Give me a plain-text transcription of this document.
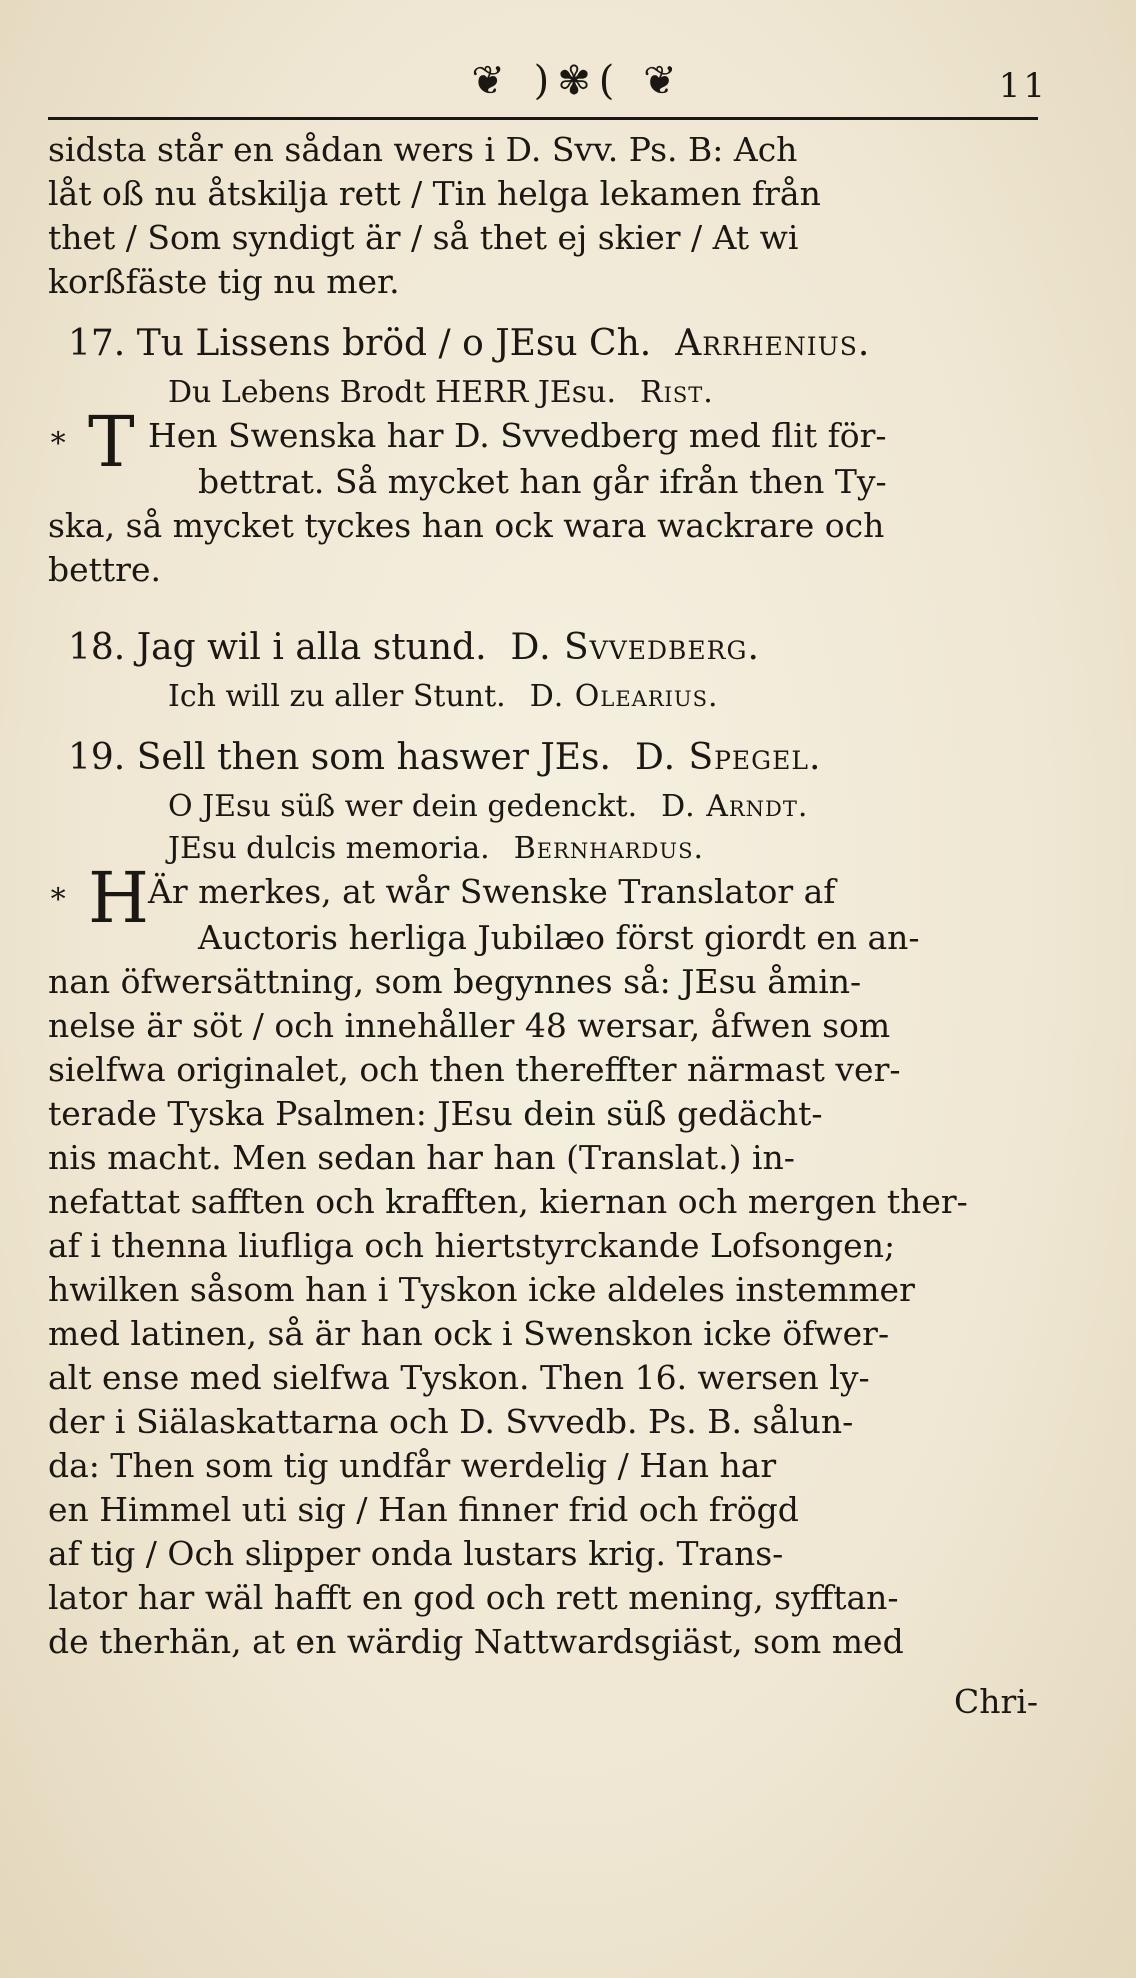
❦ )✾( ❦	11
sidsta står en sådan wers i D. Svv. Ps. B: Ach
låt oß nu åtskilja rett / Tin helga lekamen från
thet / Som syndigt är / så thet ej skier / At wi
korßfäste tig nu mer.
17. Tu Lissens bröd / o JEsu Ch. Arrhenius.
Du Lebens Brodt HERR JEsu. Rist.
∗ T Hen Swenska har D. Svvedberg med flit för-
bettrat. Så mycket han går ifrån then Ty-
ska, så mycket tyckes han ock wara wackrare och
bettre.
18. Jag wil i alla stund. D. Svvedberg.
Ich will zu aller Stunt. D. Olearius.
19. Sell then som haswer JEs. D. Spegel.
O JEsu süß wer dein gedenckt. D. Arndt.
JEsu dulcis memoria. Bernhardus.
∗ HÄr merkes, at wår Swenske Translator af
Auctoris herliga Jubilæo först giordt en an-
nan öfwersättning, som begynnes så: JEsu åmin-
nelse är söt / och innehåller 48 wersar, åfwen som
sielfwa originalet, och then thereffter närmast ver-
terade Tyska Psalmen: JEsu dein süß gedächt-
nis macht. Men sedan har han (Translat.) in-
nefattat safften och krafften, kiernan och mergen ther-
af i thenna liufliga och hiertstyrckande Lofsongen;
hwilken såsom han i Tyskon icke aldeles instemmer
med latinen, så är han ock i Swenskon icke öfwer-
alt ense med sielfwa Tyskon. Then 16. wersen ly-
der i Siälaskattarna och D. Svvedb. Ps. B. sålun-
da: Then som tig undfår werdelig / Han har
en Himmel uti sig / Han finner frid och frögd
af tig / Och slipper onda lustars krig. Trans-
lator har wäl hafft en god och rett mening, syfftan-
de therhän, at en wärdig Nattwardsgiäst, som med
Chri-
